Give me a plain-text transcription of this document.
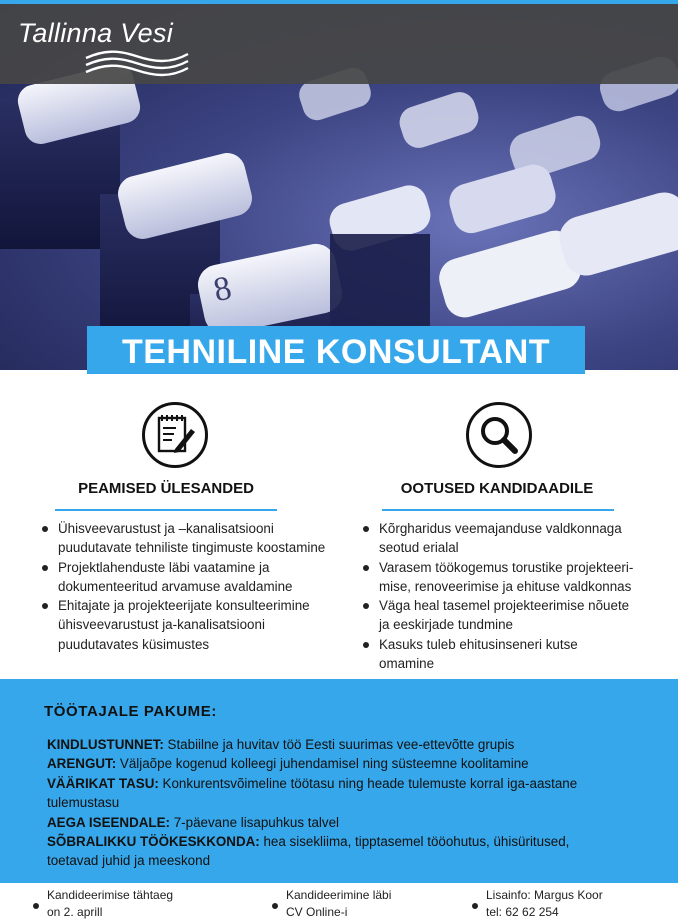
8
Tallinna Vesi
TEHNILINE KONSULTANT
PEAMISED ÜLESANDED
Ühisveevarustust ja –kanalisatsiooni
puudutavate tehniliste tingimuste koostamine
Projektlahenduste läbi vaatamine ja
dokumenteeritud arvamuse avaldamine
Ehitajate ja projekteerijate konsulteerimine
ühisveevarustust ja-kanalisatsiooni
puudutavates küsimustes
OOTUSED KANDIDAADILE
Kõrgharidus veemajanduse valdkonnaga
seotud erialal
Varasem töökogemus torustike projekteeri-
mise, renoveerimise ja ehituse valdkonnas
Väga heal tasemel projekteerimise nõuete
ja eeskirjade tundmine
Kasuks tuleb ehitusinseneri kutse
omamine
TÖÖTAJALE PAKUME:

KINDLUSTUNNET: Stabiilne ja huvitav töö Eesti suurimas vee-ettevõtte grupis

ARENGUT: Väljaõpe kogenud kolleegi juhendamisel ning süsteemne koolitamine

VÄÄRIKAT TASU: Konkurentsvõimeline töötasu ning heade tulemuste korral iga-aastane

tulemustasu

AEGA ISEENDALE: 7-päevane lisapuhkus talvel

SÕBRALIKKU TÖÖKESKKONDA: hea sisekliima, tipptasemel tööohutus, ühisüritused,

toetavad juhid ja meeskond

Kandideerimise tähtaeg
on 2. aprill
Kandideerimine läbi
CV Online-i
Lisainfo: Margus Koor
tel: 62 62 254
